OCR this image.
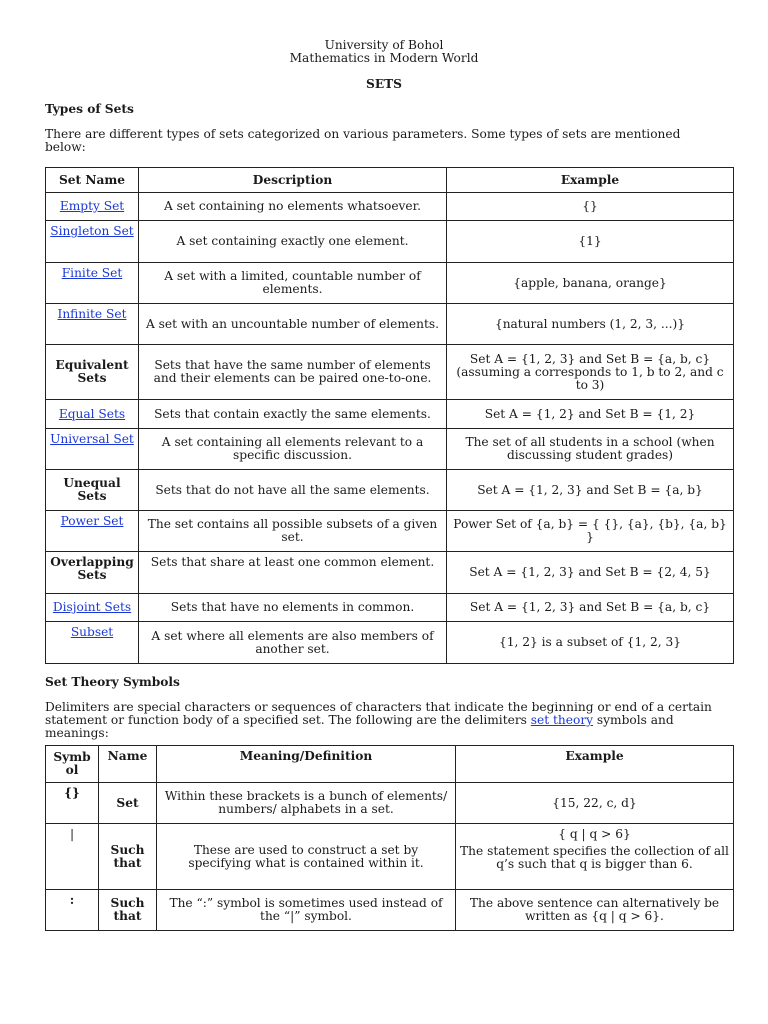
University of Bohol
Mathematics in Modern World
SETS
Types of Sets
There are different types of sets categorized on various parameters. Some types of sets are mentioned below:
Set Name	Description	Example
Empty Set	A set containing no elements whatsoever.	{}
Singleton Set	A set containing exactly one element.	{1}
Finite Set	A set with a limited, countable number of elements.	{apple, banana, orange}
Infinite Set	A set with an uncountable number of elements.	{natural numbers (1, 2, 3, ...)}
Equivalent Sets	Sets that have the same number of elements and their elements can be paired one-to-one.	Set A = {1, 2, 3} and Set B = {a, b, c} (assuming a corresponds to 1, b to 2, and c to 3)
Equal Sets	Sets that contain exactly the same elements.	Set A = {1, 2} and Set B = {1, 2}
Universal Set	A set containing all elements relevant to a specific discussion.	The set of all students in a school (when discussing student grades)
Unequal Sets	Sets that do not have all the same elements.	Set A = {1, 2, 3} and Set B = {a, b}
Power Set	The set contains all possible subsets of a given set.	Power Set of {a, b} = { {}, {a}, {b}, {a, b} }
Overlapping Sets	Sets that share at least one common element.	Set A = {1, 2, 3} and Set B = {2, 4, 5}
Disjoint Sets	Sets that have no elements in common.	Set A = {1, 2, 3} and Set B = {a, b, c}
Subset	A set where all elements are also members of another set.	{1, 2} is a subset of {1, 2, 3}
Set Theory Symbols
Delimiters are special characters or sequences of characters that indicate the beginning or end of a certain statement or function body of a specified set. The following are the delimiters set theory symbols and meanings:
Symbol	Name	Meaning/Definition	Example
{}	Set	Within these brackets is a bunch of elements/ numbers/ alphabets in a set.	{15, 22, c, d}
|	Such that	These are used to construct a set by specifying what is contained within it.	{ q | q > 6}
The statement specifies the collection of all q’s such that q is bigger than 6.

:	Such that	The “:” symbol is sometimes used instead of the “|” symbol.	The above sentence can alternatively be written as {q | q > 6}.
